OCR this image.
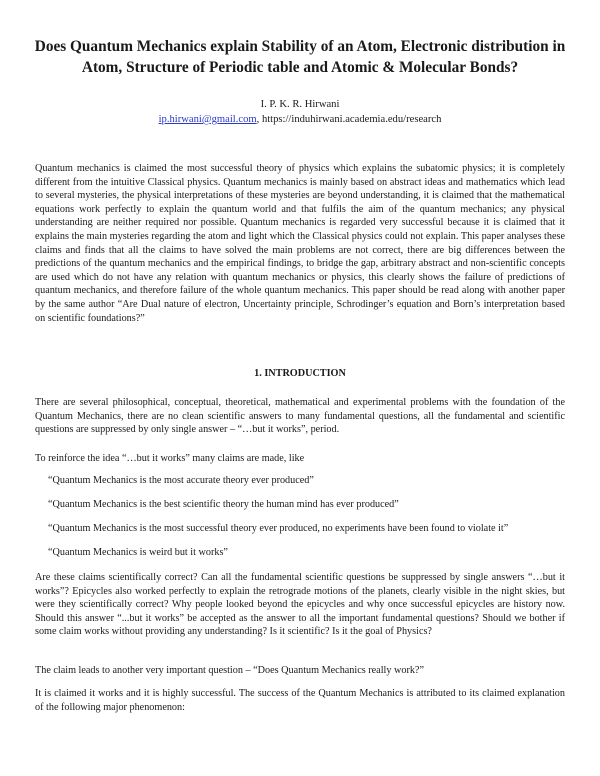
Does Quantum Mechanics explain Stability of an Atom, Electronic distribution in Atom, Structure of Periodic table and Atomic & Molecular Bonds?
I. P. K. R. Hirwani
ip.hirwani@gmail.com, https://induhirwani.academia.edu/research

Quantum mechanics is claimed the most successful theory of physics which explains the subatomic physics; it is completely different from the intuitive Classical physics. Quantum mechanics is mainly based on abstract ideas and mathematics which lead to several mysteries, the physical interpretations of these mysteries are beyond understanding, it is claimed that the mathematical equations work perfectly to explain the quantum world and that fulfils the aim of the quantum mechanics; any physical understanding are neither required nor possible. Quantum mechanics is regarded very successful because it is claimed that it explains the main mysteries regarding the atom and light which the Classical physics could not explain. This paper analyses these claims and finds that all the claims to have solved the main problems are not correct, there are big differences between the predictions of the quantum mechanics and the empirical findings, to bridge the gap, arbitrary abstract and non-scientific concepts are used which do not have any relation with quantum mechanics or physics, this clearly shows the failure of predictions of quantum mechanics, and therefore failure of the whole quantum mechanics. This paper should be read along with another paper by the same author “Are Dual nature of electron, Uncertainty principle, Schrodinger’s equation and Born’s interpretation based on scientific foundations?”

1. INTRODUCTION

There are several philosophical, conceptual, theoretical, mathematical and experimental problems with the foundation of the Quantum Mechanics, there are no clean scientific answers to many fundamental questions, all the fundamental and scientific questions are suppressed by only single answer – “…but it works”, period.

To reinforce the idea “…but it works” many claims are made, like

“Quantum Mechanics is the most accurate theory ever produced”

“Quantum Mechanics is the best scientific theory the human mind has ever produced”

“Quantum Mechanics is the most successful theory ever produced, no experiments have been found to violate it”

“Quantum Mechanics is weird but it works”

Are these claims scientifically correct? Can all the fundamental scientific questions be suppressed by single answers “…but it works”? Epicycles also worked perfectly to explain the retrograde motions of the planets, clearly visible in the night skies, but were they scientifically correct? Why people looked beyond the epicycles and why once successful epicycles are history now. Should this answer “...but it works” be accepted as the answer to all the important fundamental questions? Should we bother if some claim works without providing any understanding? Is it scientific? Is it the goal of Physics?

The claim leads to another very important question – “Does Quantum Mechanics really work?”

It is claimed it works and it is highly successful. The success of the Quantum Mechanics is attributed to its claimed explanation of the following major phenomenon:
